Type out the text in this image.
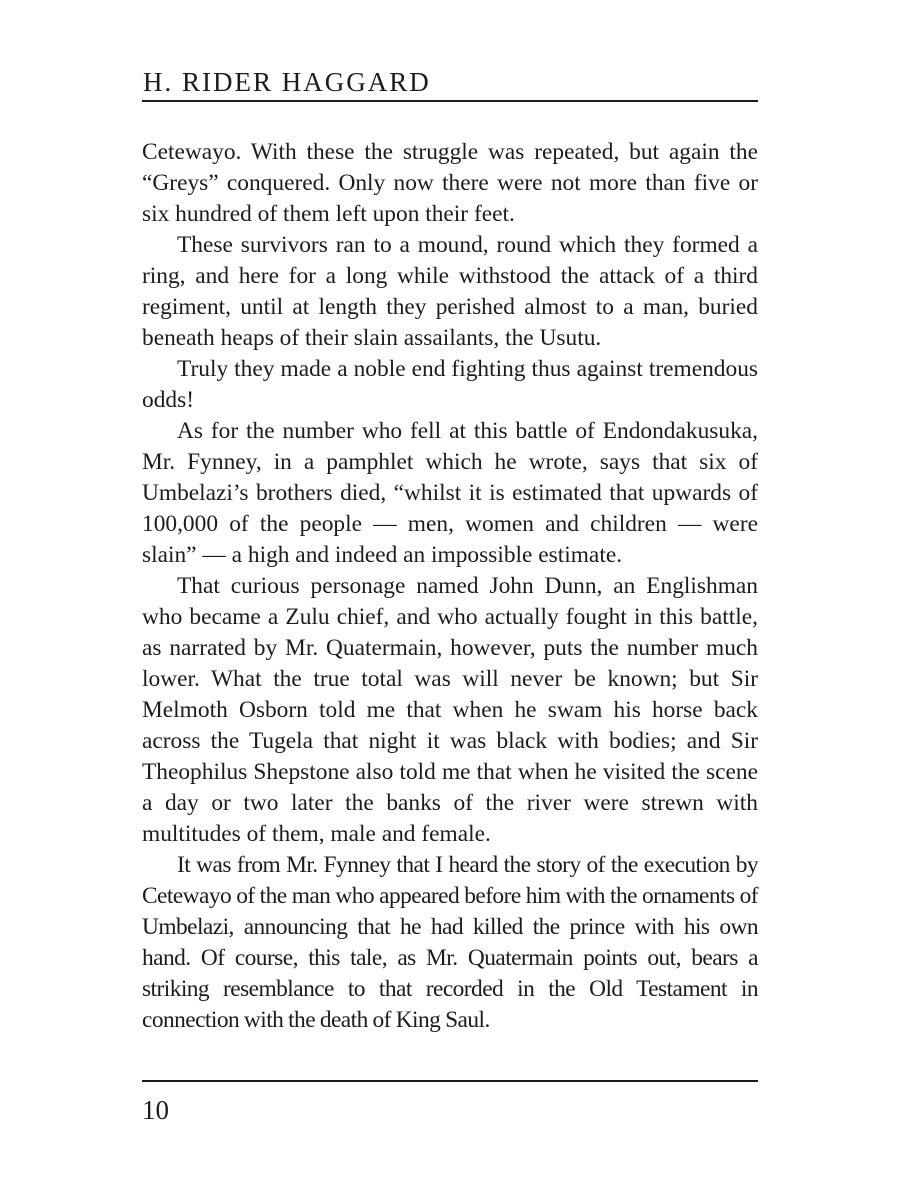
H. RIDER HAGGARD

Cetewayo. With these the struggle was repeated, but again the “Greys” conquered. Only now there were not more than five or six hundred of them left upon their feet.

These survivors ran to a mound, round which they formed a ring, and here for a long while withstood the attack of a third regiment, until at length they perished almost to a man, buried beneath heaps of their slain assailants, the Usutu.

Truly they made a noble end fighting thus against tremendous odds!

As for the number who fell at this battle of Endondakusuka, Mr. Fynney, in a pamphlet which he wrote, says that six of Umbelazi’s brothers died, “whilst it is estimated that upwards of 100,000 of the people — men, women and children — were slain” — a high and indeed an impossible estimate.

That curious personage named John Dunn, an Englishman who became a Zulu chief, and who actually fought in this battle, as narrated by Mr. Quatermain, however, puts the number much lower. What the true total was will never be known; but Sir Melmoth Osborn told me that when he swam his horse back across the Tugela that night it was black with bodies; and Sir Theophilus Shepstone also told me that when he visited the scene a day or two later the banks of the river were strewn with multitudes of them, male and female.

It was from Mr. Fynney that I heard the story of the execution by Cetewayo of the man who appeared before him with the ornaments of Umbelazi, announcing that he had killed the prince with his own hand. Of course, this tale, as Mr. Quatermain points out, bears a striking resemblance to that recorded in the Old Testament in connection with the death of King Saul.

10
